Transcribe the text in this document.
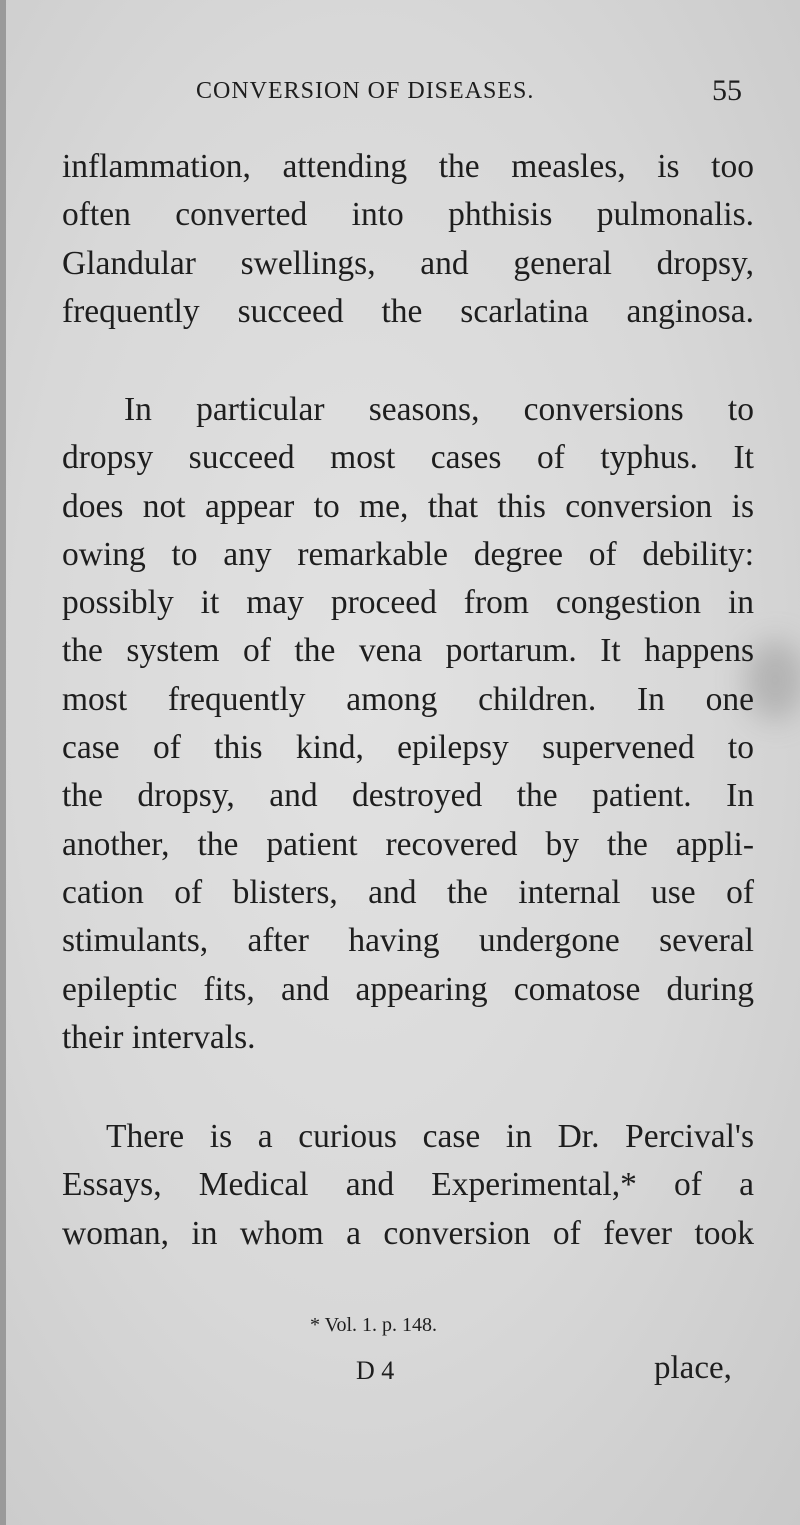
CONVERSION OF DISEASES.	55
inflammation, attending the measles, is too
often converted into phthisis pulmonalis.
Glandular swellings, and general dropsy,
frequently succeed the scarlatina anginosa.
In particular seasons, conversions to
dropsy succeed most cases of typhus. It
does not appear to me, that this conversion is
owing to any remarkable degree of debility:
possibly it may proceed from congestion in
the system of the vena portarum. It happens
most frequently among children. In one
case of this kind, epilepsy supervened to
the dropsy, and destroyed the patient. In
another, the patient recovered by the appli-
cation of blisters, and the internal use of
stimulants, after having undergone several
epileptic fits, and appearing comatose during
their intervals.
There is a curious case in Dr. Percival's
Essays, Medical and Experimental,* of a
woman, in whom a conversion of fever took
* Vol. 1. p. 148.
D 4	place,
